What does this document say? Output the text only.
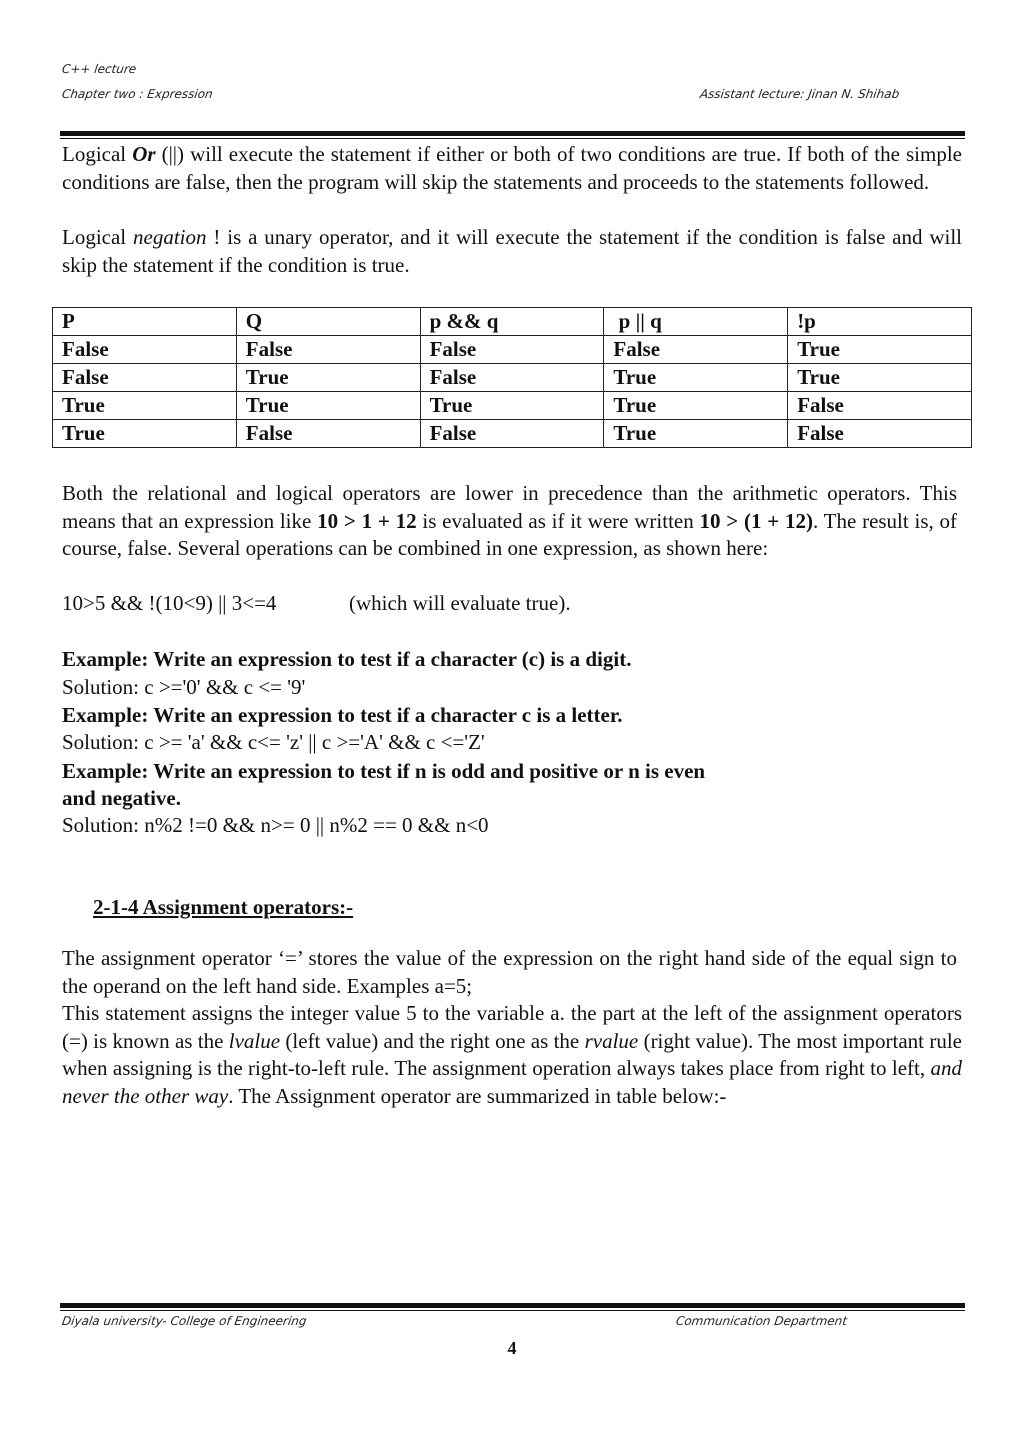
C++ lecture
Chapter two : Expression	Assistant lecture: Jinan N. Shihab
Logical Or (||) will execute the statement if either or both of two conditions are true. If both of the simple conditions are false, then the program will skip the statements and proceeds to the statements followed.
Logical negation ! is a unary operator, and it will execute the statement if the condition is false and will skip the statement if the condition is true.
P	Q	p && q	p || q	!p
False	False	False	False	True
False	True	False	True	True
True	True	True	True	False
True	False	False	True	False
Both the relational and logical operators are lower in precedence than the arithmetic operators. This means that an expression like 10 > 1 + 12 is evaluated as if it were written 10 > (1 + 12). The result is, of course, false. Several operations can be combined in one expression, as shown here:
10>5 && !(10<9) || 3<=4	(which will evaluate true).
Example: Write an expression to test if a character (c) is a digit.
Solution: c >='0' && c <= '9'
Example: Write an expression to test if a character c is a letter.
Solution: c >= 'a' && c<= 'z' || c >='A' && c <='Z'
Example: Write an expression to test if n is odd and positive or n is even
and negative.
Solution: n%2 !=0 && n>= 0 || n%2 == 0 && n<0
2-1-4 Assignment operators:-
The assignment operator ‘=’ stores the value of the expression on the right hand side of the equal sign to the operand on the left hand side. Examples a=5;
This statement assigns the integer value 5 to the variable a. the part at the left of the assignment operators (=) is known as the lvalue (left value) and the right one as the rvalue (right value). The most important rule when assigning is the right-to-left rule. The assignment operation always takes place from right to left, and never the other way. The Assignment operator are summarized in table below:-
Diyala university- College of Engineering	Communication Department
4
